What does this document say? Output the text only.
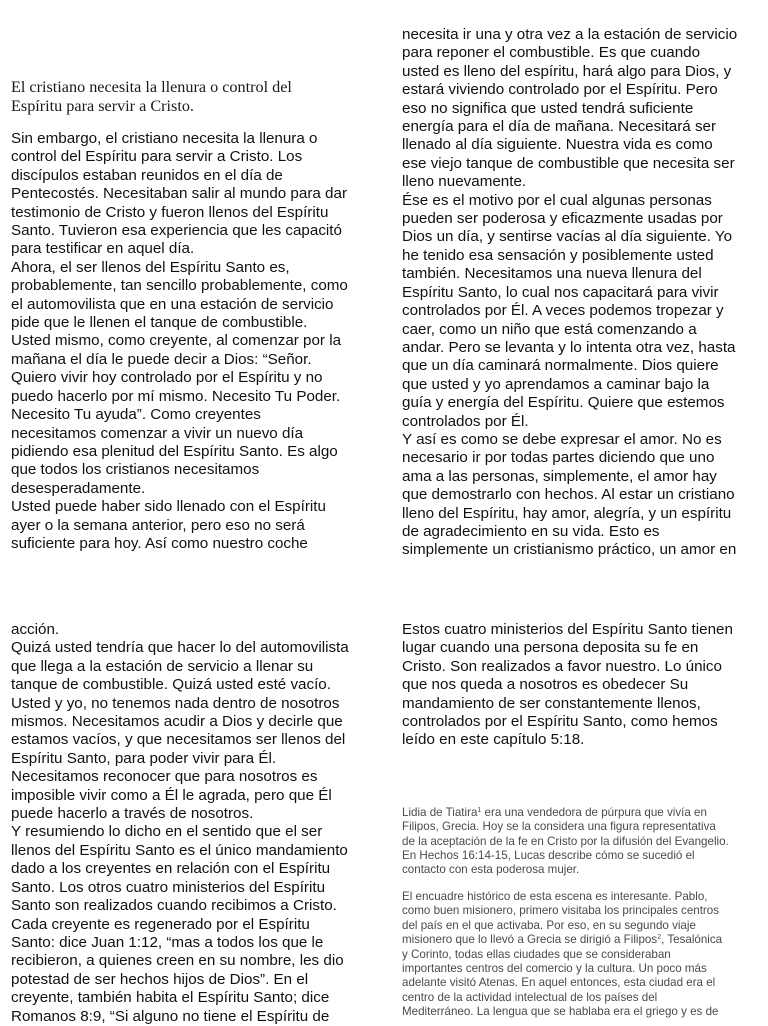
El cristiano necesita la llenura o control del
Espíritu para servir a Cristo.

Sin embargo, el cristiano necesita la llenura o
control del Espíritu para servir a Cristo. Los
discípulos estaban reunidos en el día de
Pentecostés. Necesitaban salir al mundo para dar
testimonio de Cristo y fueron llenos del Espíritu
Santo. Tuvieron esa experiencia que les capacitó
para testificar en aquel día.
Ahora, el ser llenos del Espíritu Santo es,
probablemente, tan sencillo probablemente, como
el automovilista que en una estación de servicio
pide que le llenen el tanque de combustible.
Usted mismo, como creyente, al comenzar por la
mañana el día le puede decir a Dios: “Señor.
Quiero vivir hoy controlado por el Espíritu y no
puedo hacerlo por mí mismo. Necesito Tu Poder.
Necesito Tu ayuda”. Como creyentes
necesitamos comenzar a vivir un nuevo día
pidiendo esa plenitud del Espíritu Santo. Es algo
que todos los cristianos necesitamos
desesperadamente.
Usted puede haber sido llenado con el Espíritu
ayer o la semana anterior, pero eso no será
suficiente para hoy. Así como nuestro coche

necesita ir una y otra vez a la estación de servicio
para reponer el combustible. Es que cuando
usted es lleno del espíritu, hará algo para Dios, y
estará viviendo controlado por el Espíritu. Pero
eso no significa que usted tendrá suficiente
energía para el día de mañana. Necesitará ser
llenado al día siguiente. Nuestra vida es como
ese viejo tanque de combustible que necesita ser
lleno nuevamente.
Ése es el motivo por el cual algunas personas
pueden ser poderosa y eficazmente usadas por
Dios un día, y sentirse vacías al día siguiente. Yo
he tenido esa sensación y posiblemente usted
también. Necesitamos una nueva llenura del
Espíritu Santo, lo cual nos capacitará para vivir
controlados por Él. A veces podemos tropezar y
caer, como un niño que está comenzando a
andar. Pero se levanta y lo intenta otra vez, hasta
que un día caminará normalmente. Dios quiere
que usted y yo aprendamos a caminar bajo la
guía y energía del Espíritu. Quiere que estemos
controlados por Él.
Y así es como se debe expresar el amor. No es
necesario ir por todas partes diciendo que uno
ama a las personas, simplemente, el amor hay
que demostrarlo con hechos. Al estar un cristiano
lleno del Espíritu, hay amor, alegría, y un espíritu
de agradecimiento en su vida. Esto es
simplemente un cristianismo práctico, un amor en

acción.
Quizá usted tendría que hacer lo del automovilista
que llega a la estación de servicio a llenar su
tanque de combustible. Quizá usted esté vacío.
Usted y yo, no tenemos nada dentro de nosotros
mismos. Necesitamos acudir a Dios y decirle que
estamos vacíos, y que necesitamos ser llenos del
Espíritu Santo, para poder vivir para Él.
Necesitamos reconocer que para nosotros es
imposible vivir como a Él le agrada, pero que Él
puede hacerlo a través de nosotros.
Y resumiendo lo dicho en el sentido que el ser
llenos del Espíritu Santo es el único mandamiento
dado a los creyentes en relación con el Espíritu
Santo. Los otros cuatro ministerios del Espíritu
Santo son realizados cuando recibimos a Cristo.
Cada creyente es regenerado por el Espíritu
Santo: dice Juan 1:12, “mas a todos los que le
recibieron, a quienes creen en su nombre, les dio
potestad de ser hechos hijos de Dios”. En el
creyente, también habita el Espíritu Santo; dice
Romanos 8:9, “Si alguno no tiene el Espíritu de

Estos cuatro ministerios del Espíritu Santo tienen
lugar cuando una persona deposita su fe en
Cristo. Son realizados a favor nuestro. Lo único
que nos queda a nosotros es obedecer Su
mandamiento de ser constantemente llenos,
controlados por el Espíritu Santo, como hemos
leído en este capítulo 5:18.

Lidia de Tiatira$^1$ era una vendedora de púrpura que vivía en
Filipos, Grecia. Hoy se la considera una figura representativa
de la aceptación de la fe en Cristo por la difusión del Evangelio.
En Hechos 16:14-15, Lucas describe cómo se sucedió el
contacto con esta poderosa mujer.

El encuadre histórico de esta escena es interesante. Pablo,
como buen misionero, primero visitaba los principales centros
del país en el que activaba. Por eso, en su segundo viaje
misionero que lo llevó a Grecia se dirigió a Filipos$^2$, Tesalónica
y Corinto, todas ellas ciudades que se consideraban
importantes centros del comercio y la cultura. Un poco más
adelante visitó Atenas. En aquel entonces, esta ciudad era el
centro de la actividad intelectual de los países del
Mediterráneo. La lengua que se hablaba era el griego y es de
